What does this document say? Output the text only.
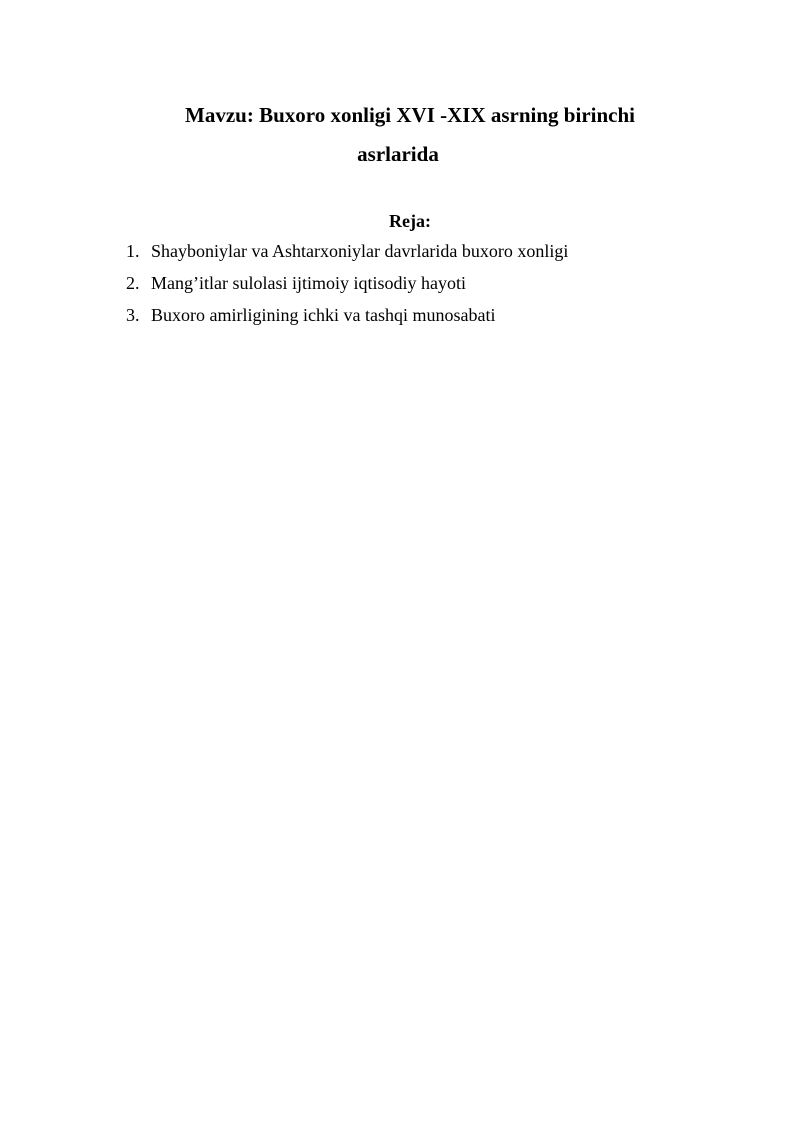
Mavzu: Buxoro xonligi XVI -XIX asrning birinchi
asrlarida
Reja:
1. Shayboniylar va Ashtarxoniylar davrlarida buxoro xonligi
2. Mang’itlar sulolasi ijtimoiy iqtisodiy hayoti
3. Buxoro amirligining ichki va tashqi munosabati
